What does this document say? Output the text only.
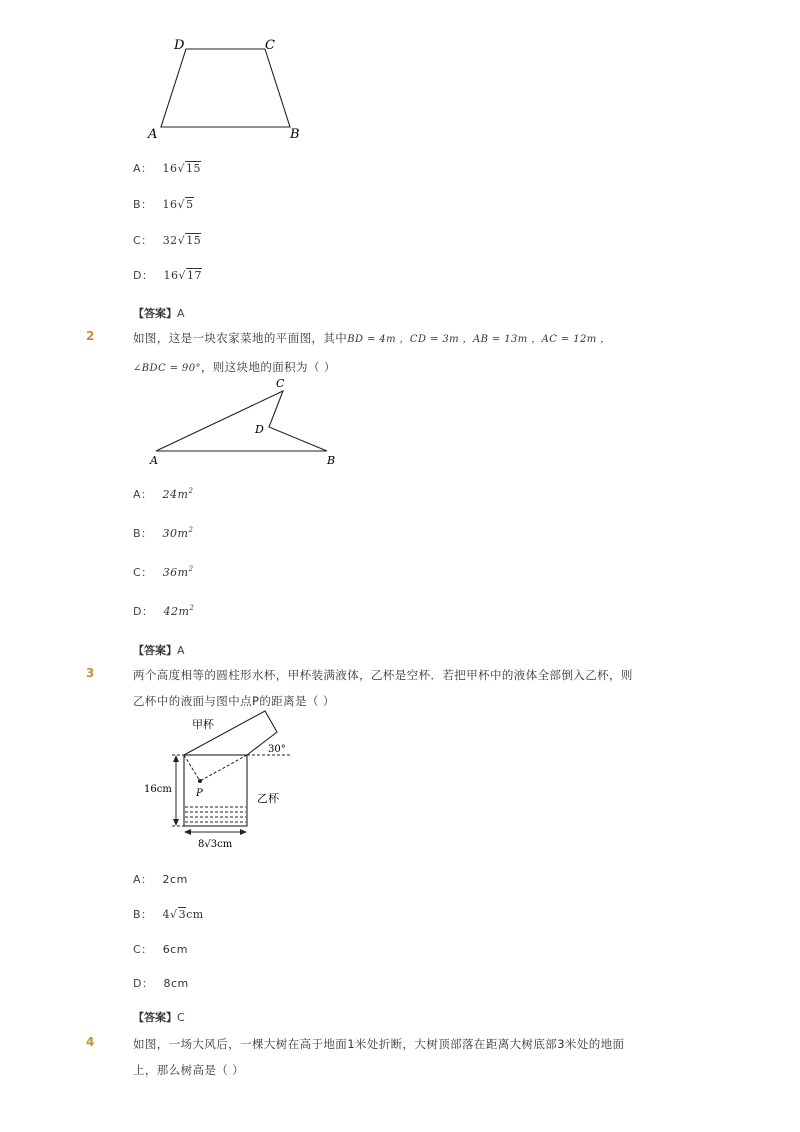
D	C
A	B
A： 16√15
B： 16√5
C： 32√15
D： 16√17
【答案】A
2	如图，这是一块农家菜地的平面图，其中BD = 4m ，CD = 3m ，AB = 13m ，AC = 12m ，
∠BDC = 90°，则这块地的面积为（ ）
C
D
A	B
A： $24m^2$
B： $30m^2$
C： $36m^2$
D： $42m^2$
【答案】A
3	两个高度相等的圆柱形水杯，甲杯装满液体，乙杯是空杯．若把甲杯中的液体全部倒入乙杯，则
乙杯中的液面与图中点P的距离是（ ）
甲杯
30°
16cm P	乙杯
8√3cm
A： 2cm
B： 4√3cm
C： 6cm
D： 8cm
【答案】C
4	如图，一场大风后，一棵大树在高于地面1米处折断，大树顶部落在距离大树底部3米处的地面
上，那么树高是（ ）
